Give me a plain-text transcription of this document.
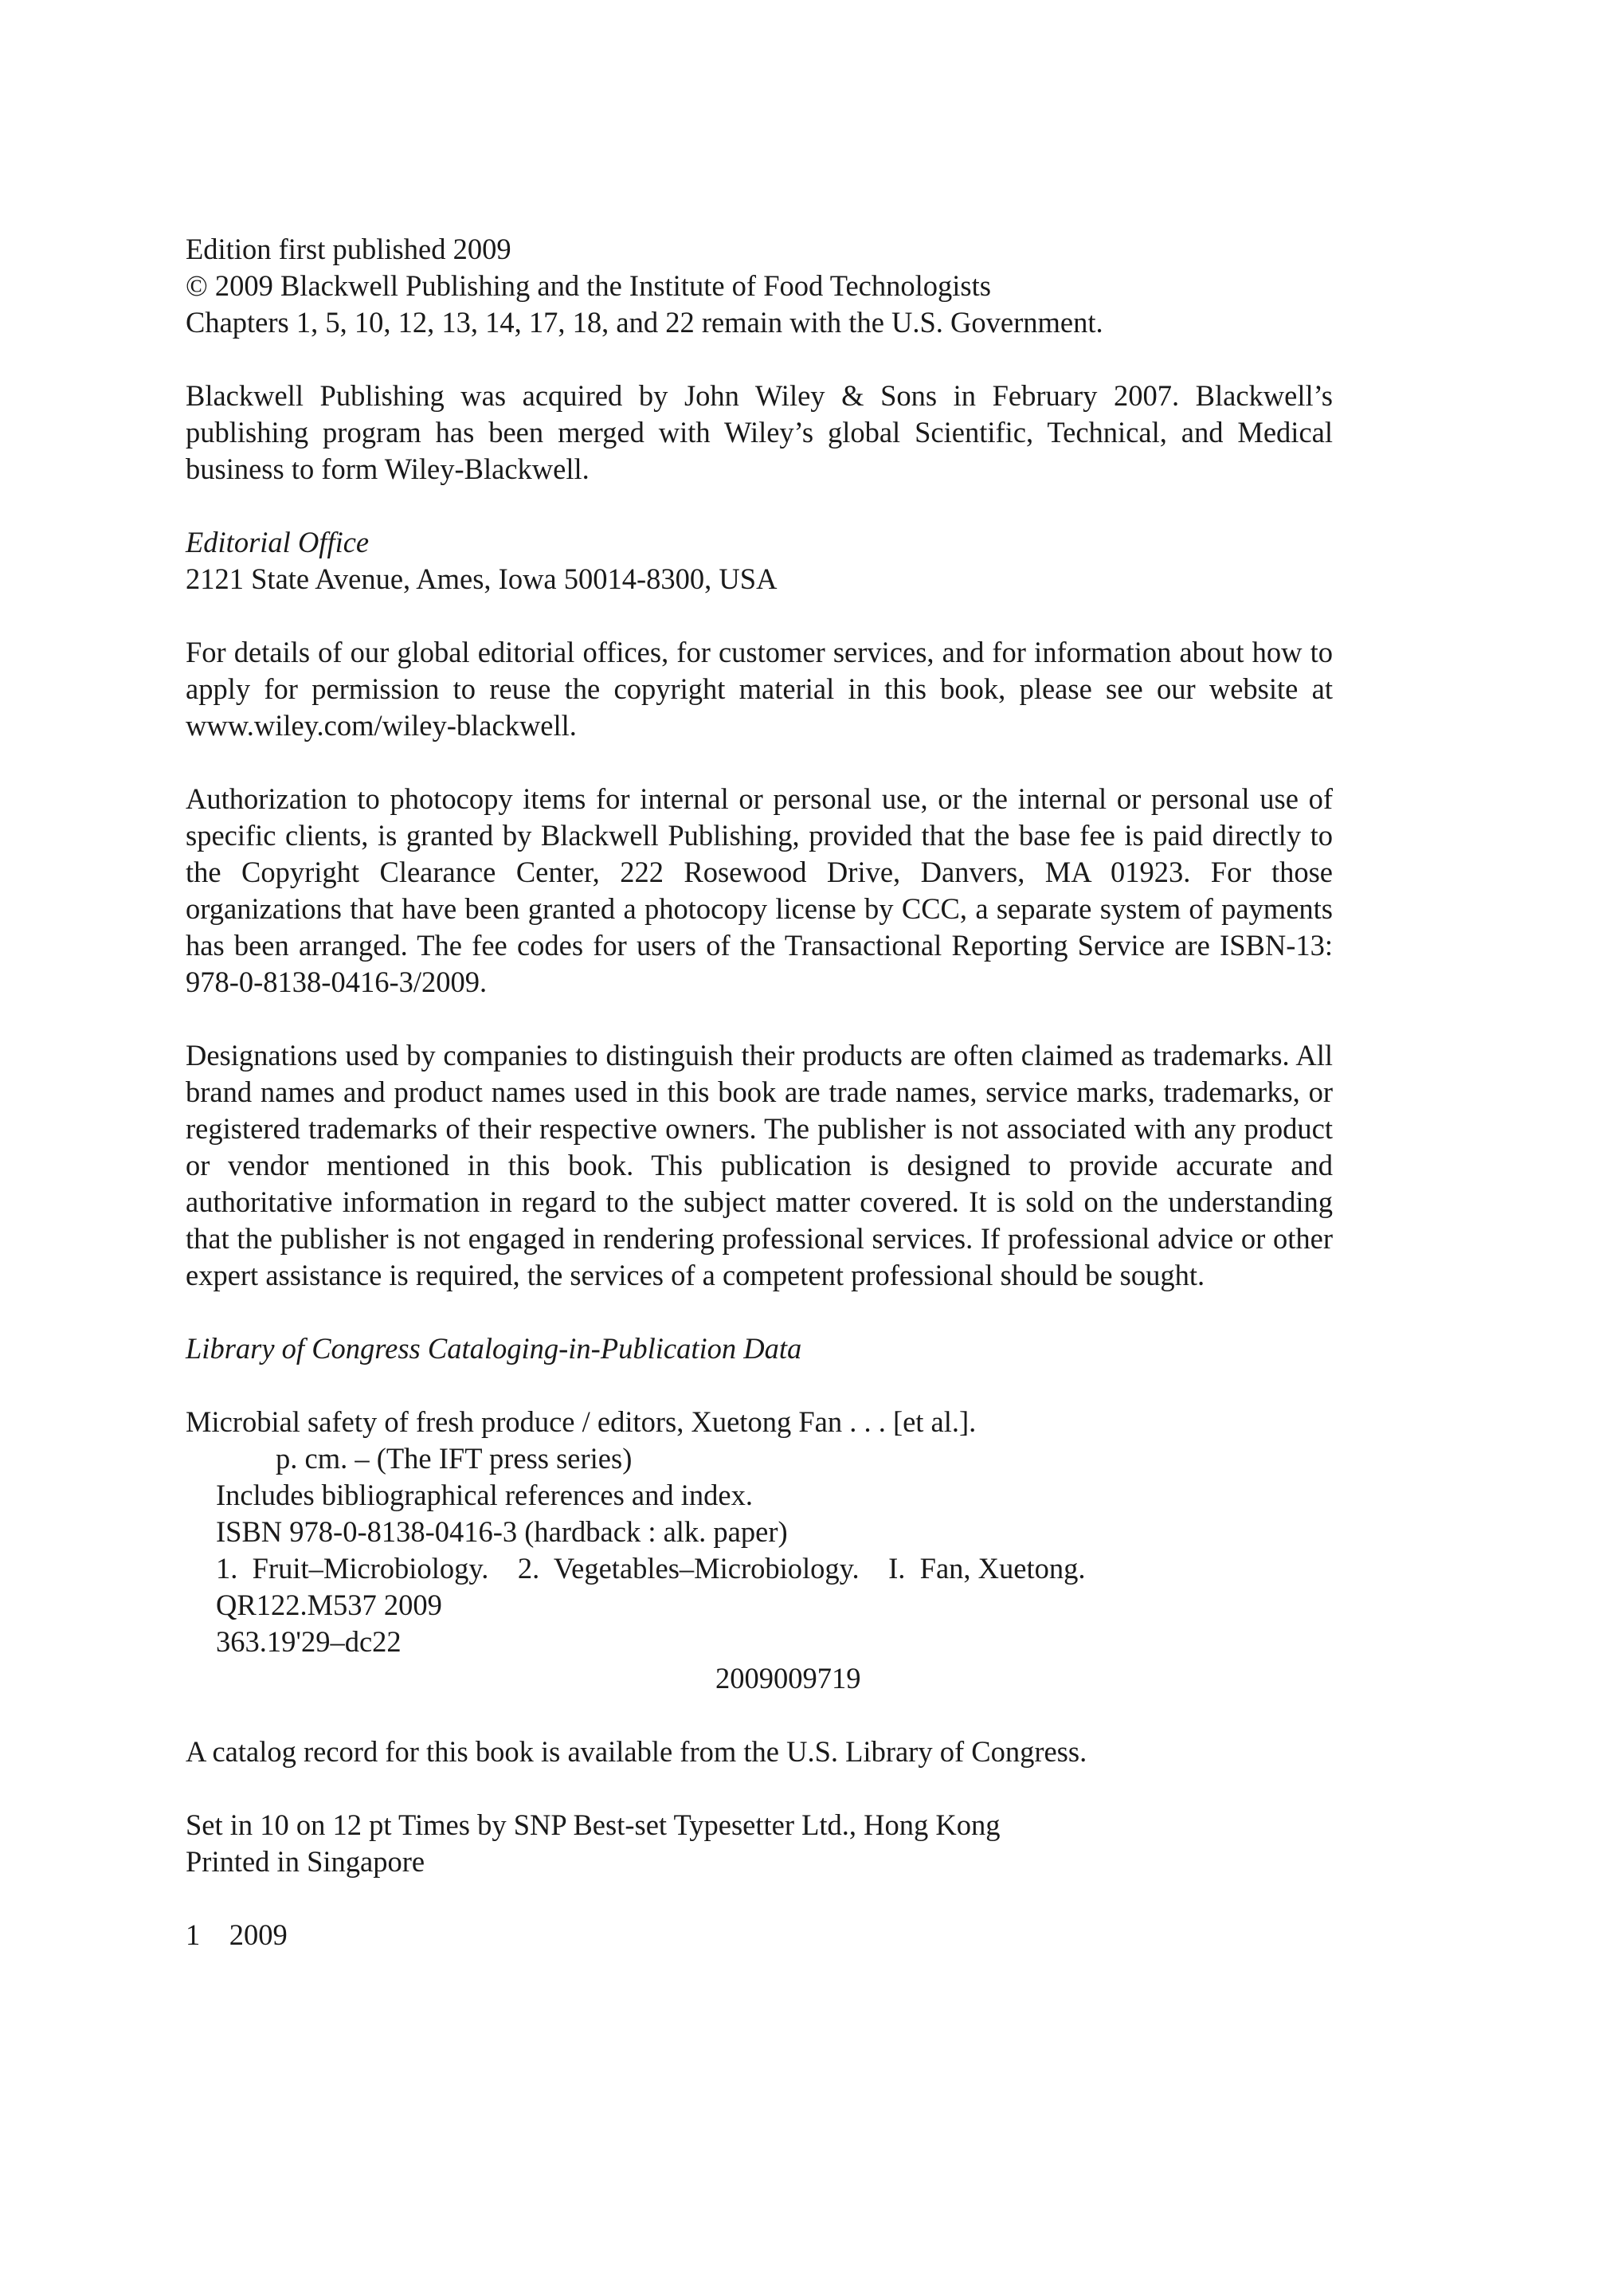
Edition first published 2009

© 2009 Blackwell Publishing and the Institute of Food Technologists

Chapters 1, 5, 10, 12, 13, 14, 17, 18, and 22 remain with the U.S. Government.

Blackwell Publishing was acquired by John Wiley & Sons in February 2007. Blackwell’s publishing program has been merged with Wiley’s global Scientific, Technical, and Medical business to form Wiley-Blackwell.

Editorial Office

2121 State Avenue, Ames, Iowa 50014-8300, USA

For details of our global editorial offices, for customer services, and for information about how to apply for permission to reuse the copyright material in this book, please see our website at www.wiley.com/wiley-blackwell.

Authorization to photocopy items for internal or personal use, or the internal or personal use of specific clients, is granted by Blackwell Publishing, provided that the base fee is paid directly to the Copyright Clearance Center, 222 Rosewood Drive, Danvers, MA 01923. For those organizations that have been granted a photocopy license by CCC, a separate system of payments has been arranged. The fee codes for users of the Transactional Reporting Service are ISBN-13: 978-0-8138-0416-3/2009.

Designations used by companies to distinguish their products are often claimed as trademarks. All brand names and product names used in this book are trade names, service marks, trademarks, or registered trademarks of their respective owners. The publisher is not associated with any product or vendor mentioned in this book. This publication is designed to provide accurate and authoritative information in regard to the subject matter covered. It is sold on the understanding that the publisher is not engaged in rendering professional services. If professional advice or other expert assistance is required, the services of a competent professional should be sought.

Library of Congress Cataloging-in-Publication Data

Microbial safety of fresh produce / editors, Xuetong Fan . . . [et al.].

p. cm. – (The IFT press series)

Includes bibliographical references and index.

ISBN 978-0-8138-0416-3 (hardback : alk. paper)

1.  Fruit–Microbiology.    2.  Vegetables–Microbiology.    I.  Fan, Xuetong.

QR122.M537 2009

363.19'29–dc22

2009009719

A catalog record for this book is available from the U.S. Library of Congress.

Set in 10 on 12 pt Times by SNP Best-set Typesetter Ltd., Hong Kong

Printed in Singapore

1    2009
